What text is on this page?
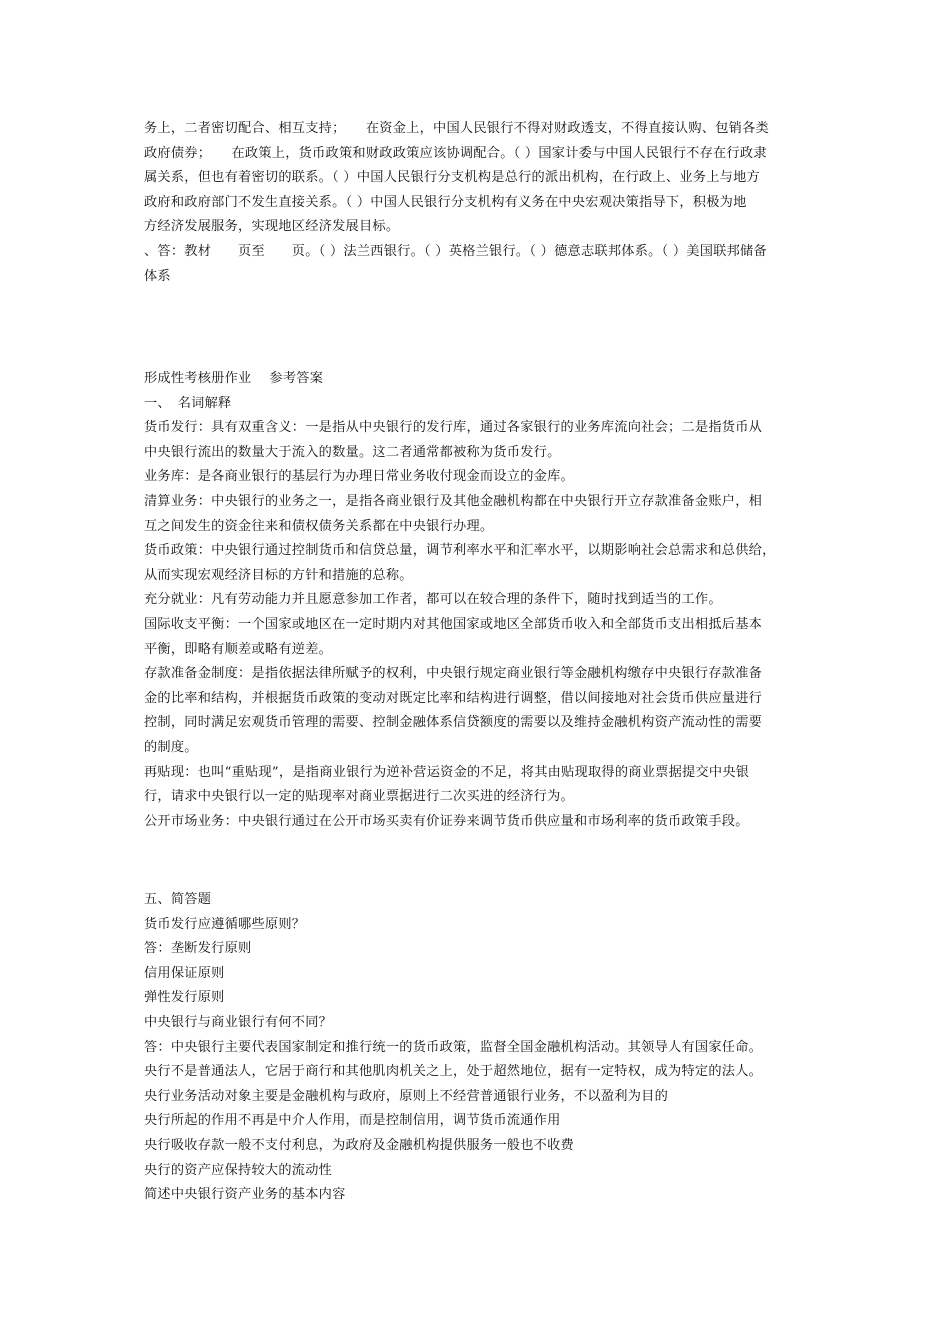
务上，二者密切配合、相互支持；　　在资金上，中国人民银行不得对财政透支，不得直接认购、包销各类
政府债券；　　在政策上，货币政策和财政政策应该协调配合。（ ）国家计委与中国人民银行不存在行政隶
属关系，但也有着密切的联系。（ ）中国人民银行分支机构是总行的派出机构，在行政上、业务上与地方
政府和政府部门不发生直接关系。（ ）中国人民银行分支机构有义务在中央宏观决策指导下，积极为地
方经济发展服务，实现地区经济发展目标。
、答：教材　　页至　　页。（ ）法兰西银行。（ ）英格兰银行。（ ）德意志联邦体系。（ ）美国联邦储备
体系
形成性考核册作业　 参考答案
一、　名词解释
货币发行：具有双重含义：一是指从中央银行的发行库，通过各家银行的业务库流向社会；二是指货币从
中央银行流出的数量大于流入的数量。这二者通常都被称为货币发行。
业务库：是各商业银行的基层行为办理日常业务收付现金而设立的金库。
清算业务：中央银行的业务之一，是指各商业银行及其他金融机构都在中央银行开立存款准备金账户，相
互之间发生的资金往来和债权债务关系都在中央银行办理。
货币政策：中央银行通过控制货币和信贷总量，调节利率水平和汇率水平，以期影响社会总需求和总供给，
从而实现宏观经济目标的方针和措施的总称。
充分就业：凡有劳动能力并且愿意参加工作者，都可以在较合理的条件下，随时找到适当的工作。
国际收支平衡：一个国家或地区在一定时期内对其他国家或地区全部货币收入和全部货币支出相抵后基本
平衡，即略有顺差或略有逆差。
存款准备金制度：是指依据法律所赋予的权利，中央银行规定商业银行等金融机构缴存中央银行存款准备
金的比率和结构，并根据货币政策的变动对既定比率和结构进行调整，借以间接地对社会货币供应量进行
控制，同时满足宏观货币管理的需要、控制金融体系信贷额度的需要以及维持金融机构资产流动性的需要
的制度。
再贴现：也叫“重贴现”，是指商业银行为逆补营运资金的不足，将其由贴现取得的商业票据提交中央银
行，请求中央银行以一定的贴现率对商业票据进行二次买进的经济行为。
公开市场业务：中央银行通过在公开市场买卖有价证券来调节货币供应量和市场利率的货币政策手段。
五、简答题
货币发行应遵循哪些原则？
答：垄断发行原则
信用保证原则
弹性发行原则
中央银行与商业银行有何不同？
答：中央银行主要代表国家制定和推行统一的货币政策，监督全国金融机构活动。其领导人有国家任命。
央行不是普通法人，它居于商行和其他肌肉机关之上，处于超然地位，据有一定特权，成为特定的法人。
央行业务活动对象主要是金融机构与政府，原则上不经营普通银行业务，不以盈利为目的
央行所起的作用不再是中介人作用，而是控制信用，调节货币流通作用
央行吸收存款一般不支付利息，为政府及金融机构提供服务一般也不收费
央行的资产应保持较大的流动性
简述中央银行资产业务的基本内容
